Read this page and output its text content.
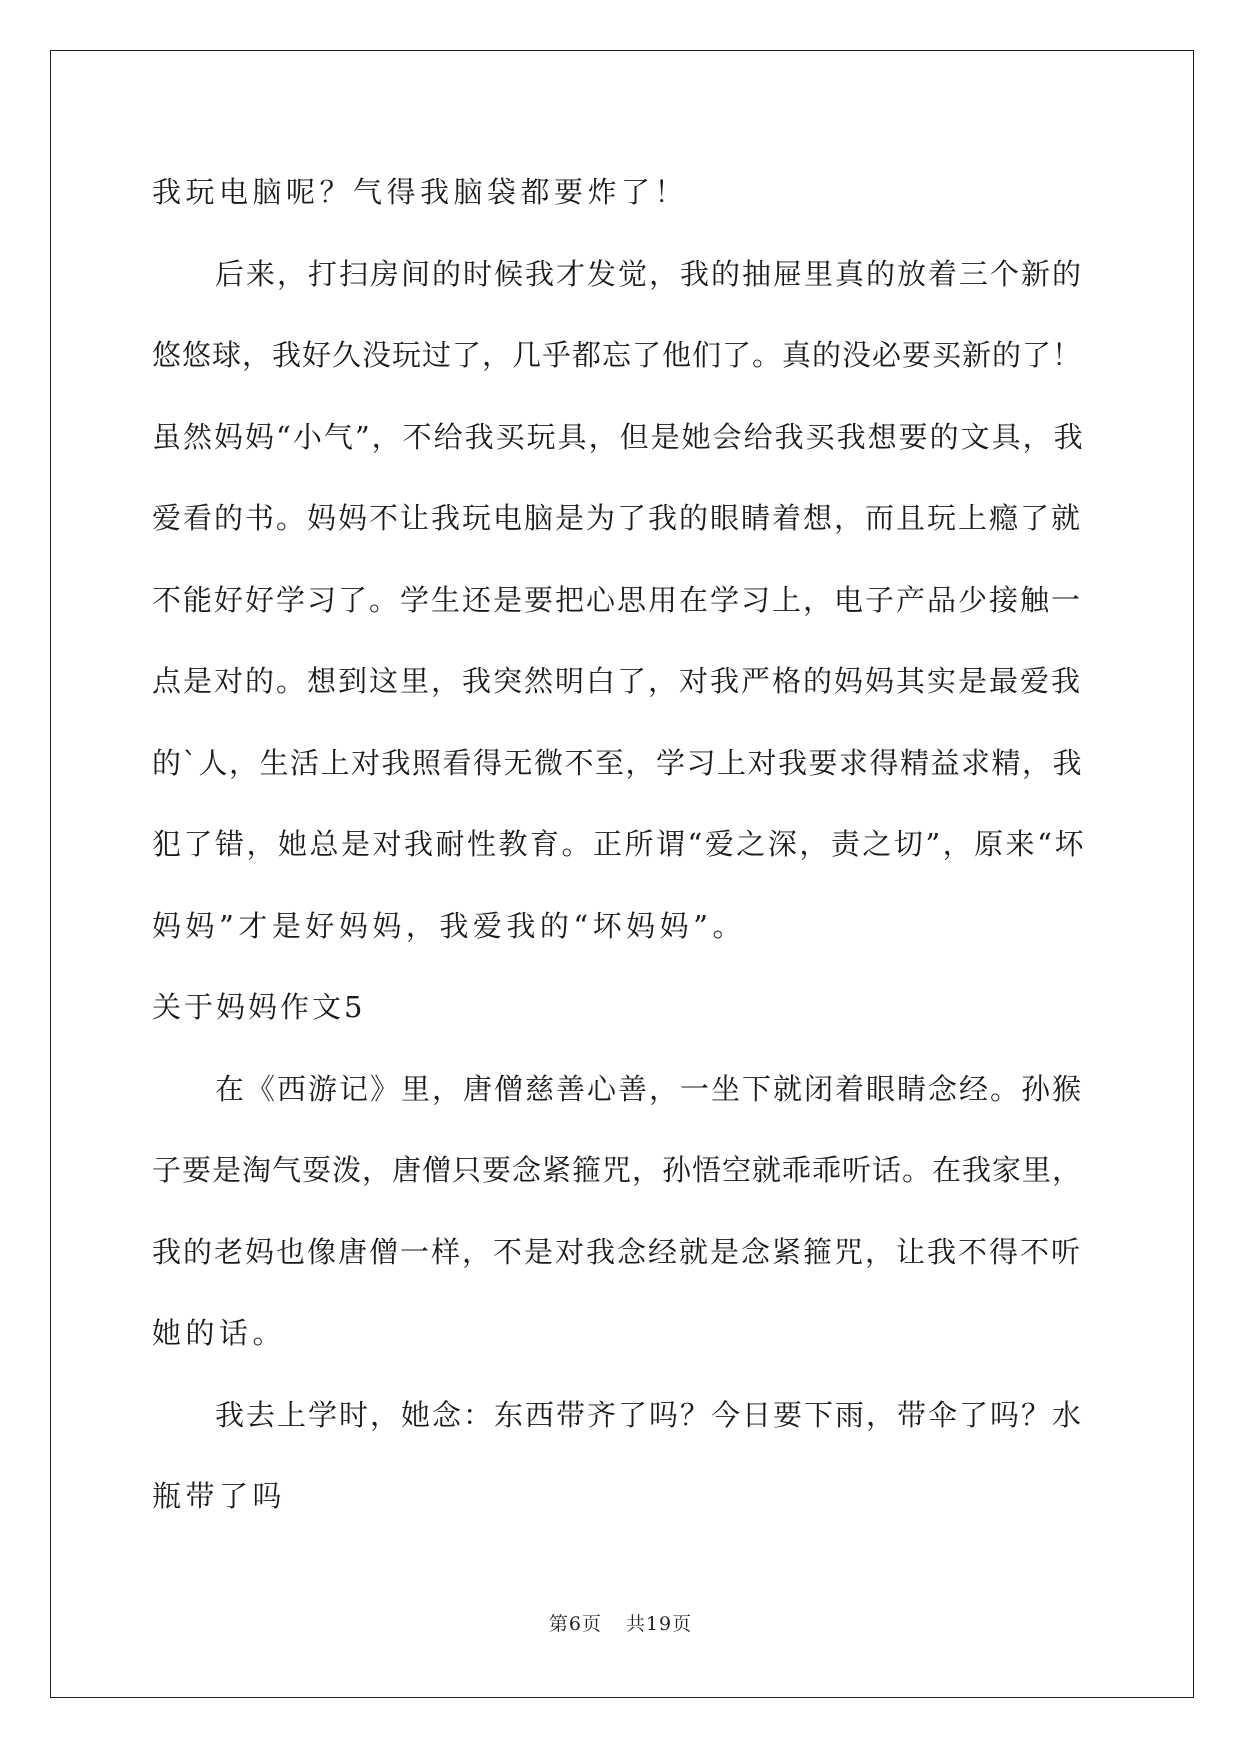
我玩电脑呢？气得我脑袋都要炸了！
后来，打扫房间的时候我才发觉，我的抽屉里真的放着三个新的
悠悠球，我好久没玩过了，几乎都忘了他们了。真的没必要买新的了！
虽然妈妈“小气”，不给我买玩具，但是她会给我买我想要的文具，我
爱看的书。妈妈不让我玩电脑是为了我的眼睛着想，而且玩上瘾了就
不能好好学习了。学生还是要把心思用在学习上，电子产品少接触一
点是对的。想到这里，我突然明白了，对我严格的妈妈其实是最爱我
的`人，生活上对我照看得无微不至，学习上对我要求得精益求精，我
犯了错，她总是对我耐性教育。正所谓“爱之深，责之切”，原来“坏
妈妈”才是好妈妈，我爱我的“坏妈妈”。
关于妈妈作文5
在《西游记》里，唐僧慈善心善，一坐下就闭着眼睛念经。孙猴
子要是淘气耍泼，唐僧只要念紧箍咒，孙悟空就乖乖听话。在我家里，
我的老妈也像唐僧一样，不是对我念经就是念紧箍咒，让我不得不听
她的话。
我去上学时，她念：东西带齐了吗？今日要下雨，带伞了吗？水
瓶带了吗
第6页 共19页
